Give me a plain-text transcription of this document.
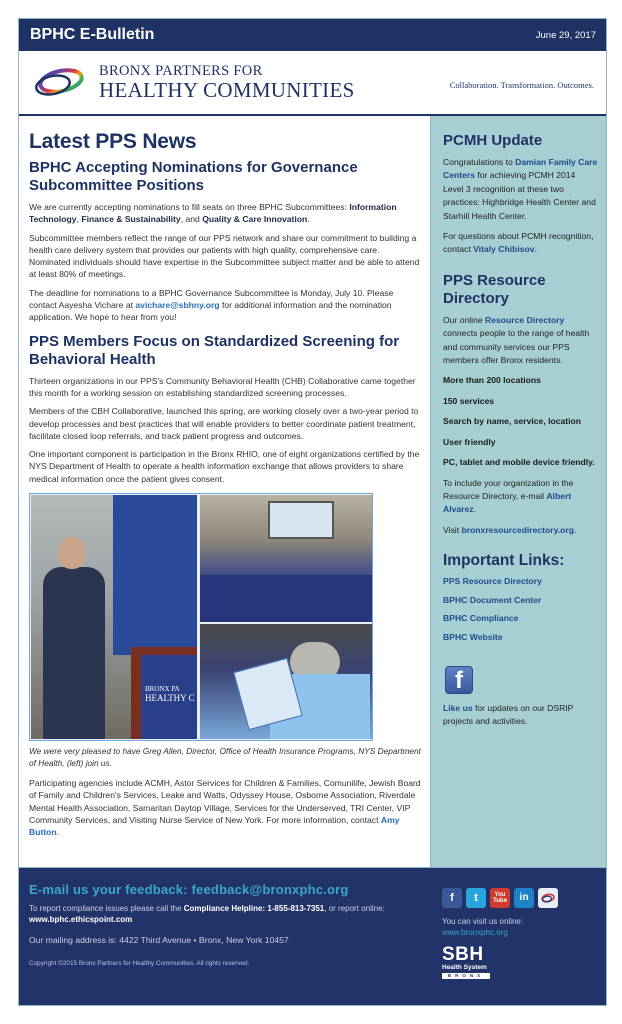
BPHC E-Bulletin	June 29, 2017
BRONX PARTNERS FOR
HEALTHY COMMUNITIES	Collaboration. Transformation. Outcomes.
Latest PPS News
BPHC Accepting Nominations for Governance Subcommittee Positions

We are currently accepting nominations to fill seats on three BPHC Subcommittees: Information Technology, Finance & Sustainability, and Quality & Care Innovation.

Subcommittee members reflect the range of our PPS network and share our commitment to building a health care delivery system that provides our patients with high quality, comprehensive care. Nominated individuals should have expertise in the Subcommittee subject matter and be able to attend at least 80% of meetings.

The deadline for nominations to a BPHC Governance Subcommittee is Monday, July 10. Please contact Aayesha Vichare at avichare@sbhny.org for additional information and the nomination application. We hope to hear from you!

PPS Members Focus on Standardized Screening for Behavioral Health

Thirteen organizations in our PPS's Community Behavioral Health (CHB) Collaborative came together this month for a working session on establishing standardized screening processes.

Members of the CBH Collaborative, launched this spring, are working closely over a two-year period to develop processes and best practices that will enable providers to better coordinate patient treatment, facilitate closed loop referrals, and track patient progress and outcomes.

One important component is participation in the Bronx RHIO, one of eight organizations certified by the NYS Department of Health to operate a health information exchange that allows providers to share medical information once the patient gives consent.

BRONX PA
HEALTHY C

We were very pleased to have Greg Allen, Director, Office of Health Insurance Programs, NYS Department of Health, (left) join us.

Participating agencies include ACMH, Astor Services for Children & Families, Comunilife, Jewish Board of Family and Children's Services, Leake and Watts, Odyssey House, Osborne Association, Riverdale Mental Health Association, Samaritan Daytop Village, Services for the Underserved, TRI Center, VIP Community Services, and Visiting Nurse Service of New York. For more information, contact Amy Button.

PCMH Update

Congratulations to Damian Family Care Centers for achieving PCMH 2014 Level 3 recognition at these two practices: Highbridge Health Center and Starhill Health Center.

For questions about PCMH recognition, contact Vitaly Chibisov.

PPS Resource Directory

Our online Resource Directory connects people to the range of health and community services our PPS members offer Bronx residents.

More than 200 locations

150 services

Search by name, service, location

User friendly

PC, tablet and mobile device friendly.

To include your organization in the Resource Directory, e-mail Albert Alvarez.

Visit bronxresourcedirectory.org.

Important Links:
PPS Resource Directory
BPHC Document Center
BPHC Compliance
BPHC Website
f

Like us for updates on our DSRIP projects and activities.

E-mail us your feedback: feedback@bronxphc.org

To report compliance issues please call the Compliance Helpline: 1-855-813-7351, or report online: www.bphc.ethicspoint.com

Our mailing address is: 4422 Third Avenue • Bronx, New York 10457

Copyright ©2015 Bronx Partners for Healthy Communities. All rights reserved.

f	t	You
Tube	in
You can visit us online:
www.bronxphc.org
SBH
Health System
BRONX
